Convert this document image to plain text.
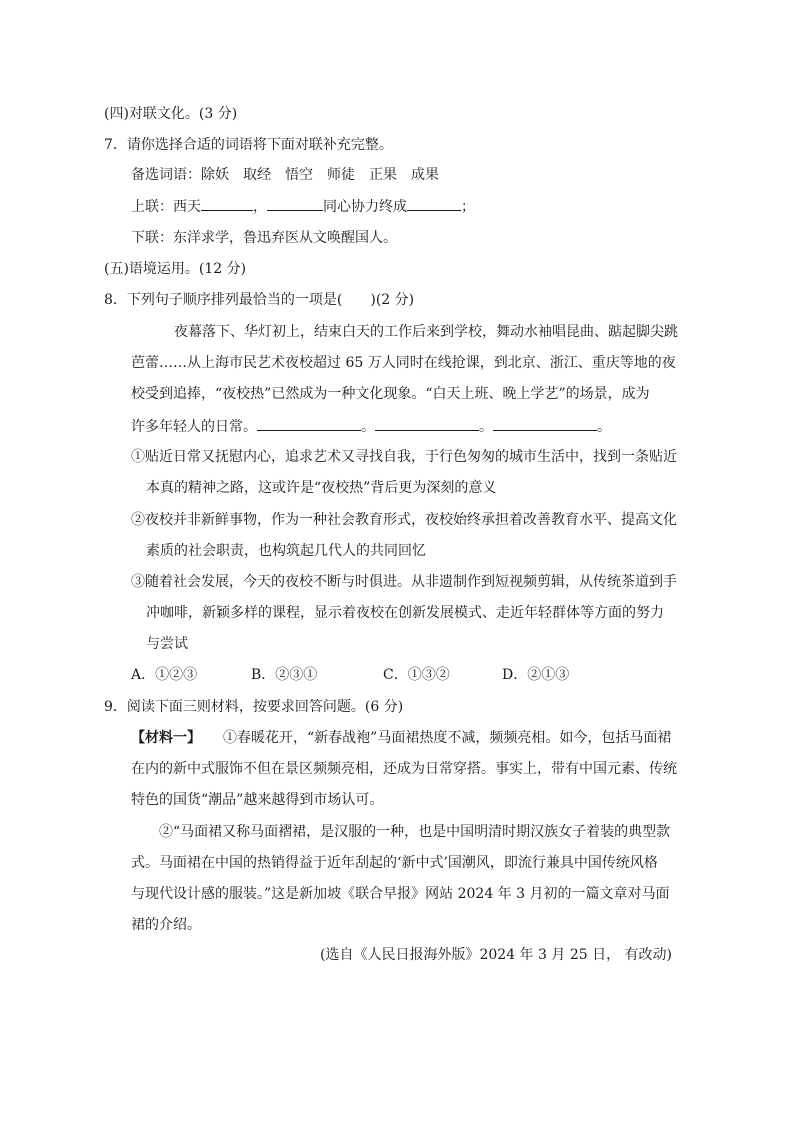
(四)对联文化。(3 分)
7．请你选择合适的词语将下面对联补充完整。
备选词语：除妖　取经　悟空　师徒　正果　成果
上联：西天	，	同心协力终成	；
下联：东洋求学，鲁迅弃医从文唤醒国人。
(五)语境运用。(12 分)
8．下列句子顺序排列最恰当的一项是(　　)(2 分)
夜幕落下、华灯初上，结束白天的工作后来到学校，舞动水袖唱昆曲、踮起脚尖跳
芭蕾……从上海市民艺术夜校超过 65 万人同时在线抢课，到北京、浙江、重庆等地的夜
校受到追捧，“夜校热”已然成为一种文化现象。“白天上班、晚上学艺”的场景，成为
许多年轻人的日常。	。	。	。
①贴近日常又抚慰内心，追求艺术又寻找自我，于行色匆匆的城市生活中，找到一条贴近
本真的精神之路，这或许是“夜校热”背后更为深刻的意义
②夜校并非新鲜事物，作为一种社会教育形式，夜校始终承担着改善教育水平、提高文化
素质的社会职责，也构筑起几代人的共同回忆
③随着社会发展，今天的夜校不断与时俱进。从非遗制作到短视频剪辑，从传统茶道到手
冲咖啡，新颖多样的课程，显示着夜校在创新发展模式、走近年轻群体等方面的努力
与尝试
A．①②③	B．②③①	C．①③②	D．②①③
9．阅读下面三则材料，按要求回答问题。(6 分)
【材料一】 ①春暖花开，“新春战袍”马面裙热度不减，频频亮相。如今，包括马面裙
在内的新中式服饰不但在景区频频亮相，还成为日常穿搭。事实上，带有中国元素、传统
特色的国货“潮品”越来越得到市场认可。
②“马面裙又称马面褶裙，是汉服的一种，也是中国明清时期汉族女子着装的典型款
式。马面裙在中国的热销得益于近年刮起的‘新中式’国潮风，即流行兼具中国传统风格
与现代设计感的服装。”这是新加坡《联合早报》网站 2024 年 3 月初的一篇文章对马面
裙的介绍。
(选自《人民日报海外版》2024 年 3 月 25 日， 有改动)
